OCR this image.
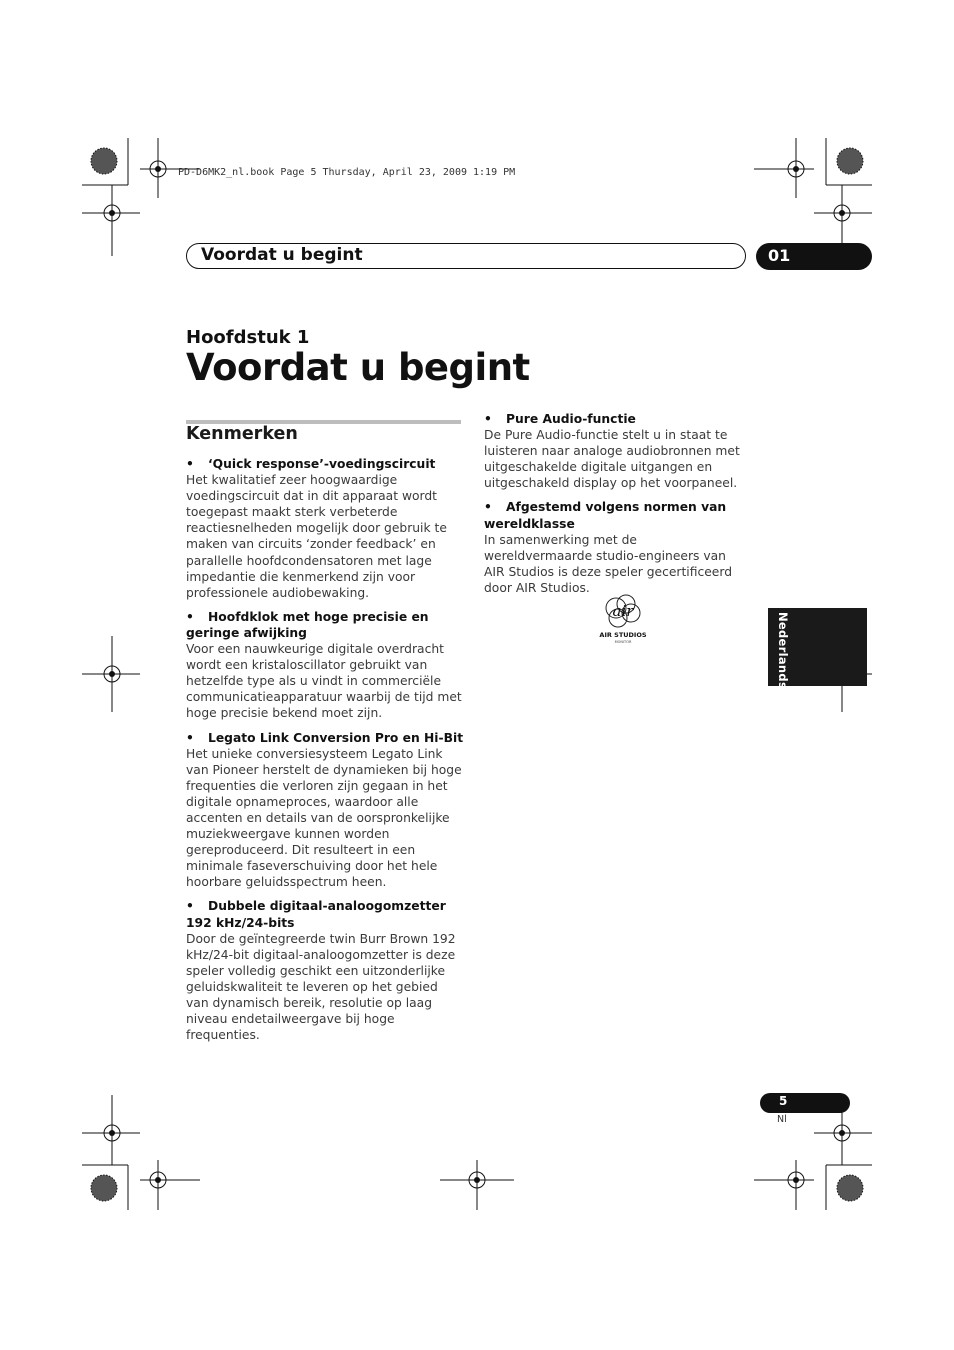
PD-D6MK2_nl.book Page 5 Thursday, April 23, 2009 1:19 PM
Voordat u begint	01
Hoofdstuk 1
Voordat u begint
Kenmerken
• ‘Quick response’-voedingscircuit

Het kwalitatief zeer hoogwaardige voedingscircuit dat in dit apparaat wordt toegepast maakt sterk verbeterde reactiesnelheden mogelijk door gebruik te maken van circuits ‘zonder feedback’ en parallelle hoofdcondensatoren met lage impedantie die kenmerkend zijn voor professionele audiobewaking.

• Hoofdklok met hoge precisie en geringe afwijking

Voor een nauwkeurige digitale overdracht wordt een kristaloscillator gebruikt van hetzelfde type als u vindt in commerciële communicatieapparatuur waarbij de tijd met hoge precisie bekend moet zijn.

• Legato Link Conversion Pro en Hi-Bit

Het unieke conversiesysteem Legato Link van Pioneer herstelt de dynamieken bij hoge frequenties die verloren zijn gegaan in het digitale opnameproces, waardoor alle accenten en details van de oorspronkelijke muziekweergave kunnen worden gereproduceerd. Dit resulteert in een minimale faseverschuiving door het hele hoorbare geluidsspectrum heen.

• Dubbele digitaal-analoogomzetter 192 kHz/24-bits

Door de geïntegreerde twin Burr Brown 192 kHz/24-bit digitaal-analoogomzetter is deze speler volledig geschikt een uitzonderlijke geluidskwaliteit te leveren op het gebied van dynamisch bereik, resolutie op laag niveau endetailweergave bij hoge frequenties.

• Pure Audio-functie

De Pure Audio-functie stelt u in staat te luisteren naar analoge audiobronnen met uitgeschakelde digitale uitgangen en uitgeschakeld display op het voorpaneel.

• Afgestemd volgens normen van wereldklasse

In samenwerking met de wereldvermaarde studio-engineers van AIR Studios is deze speler gecertificeerd door AIR Studios.

air
AIR STUDIOS
MONITOR	Nederlands
5
Nl
